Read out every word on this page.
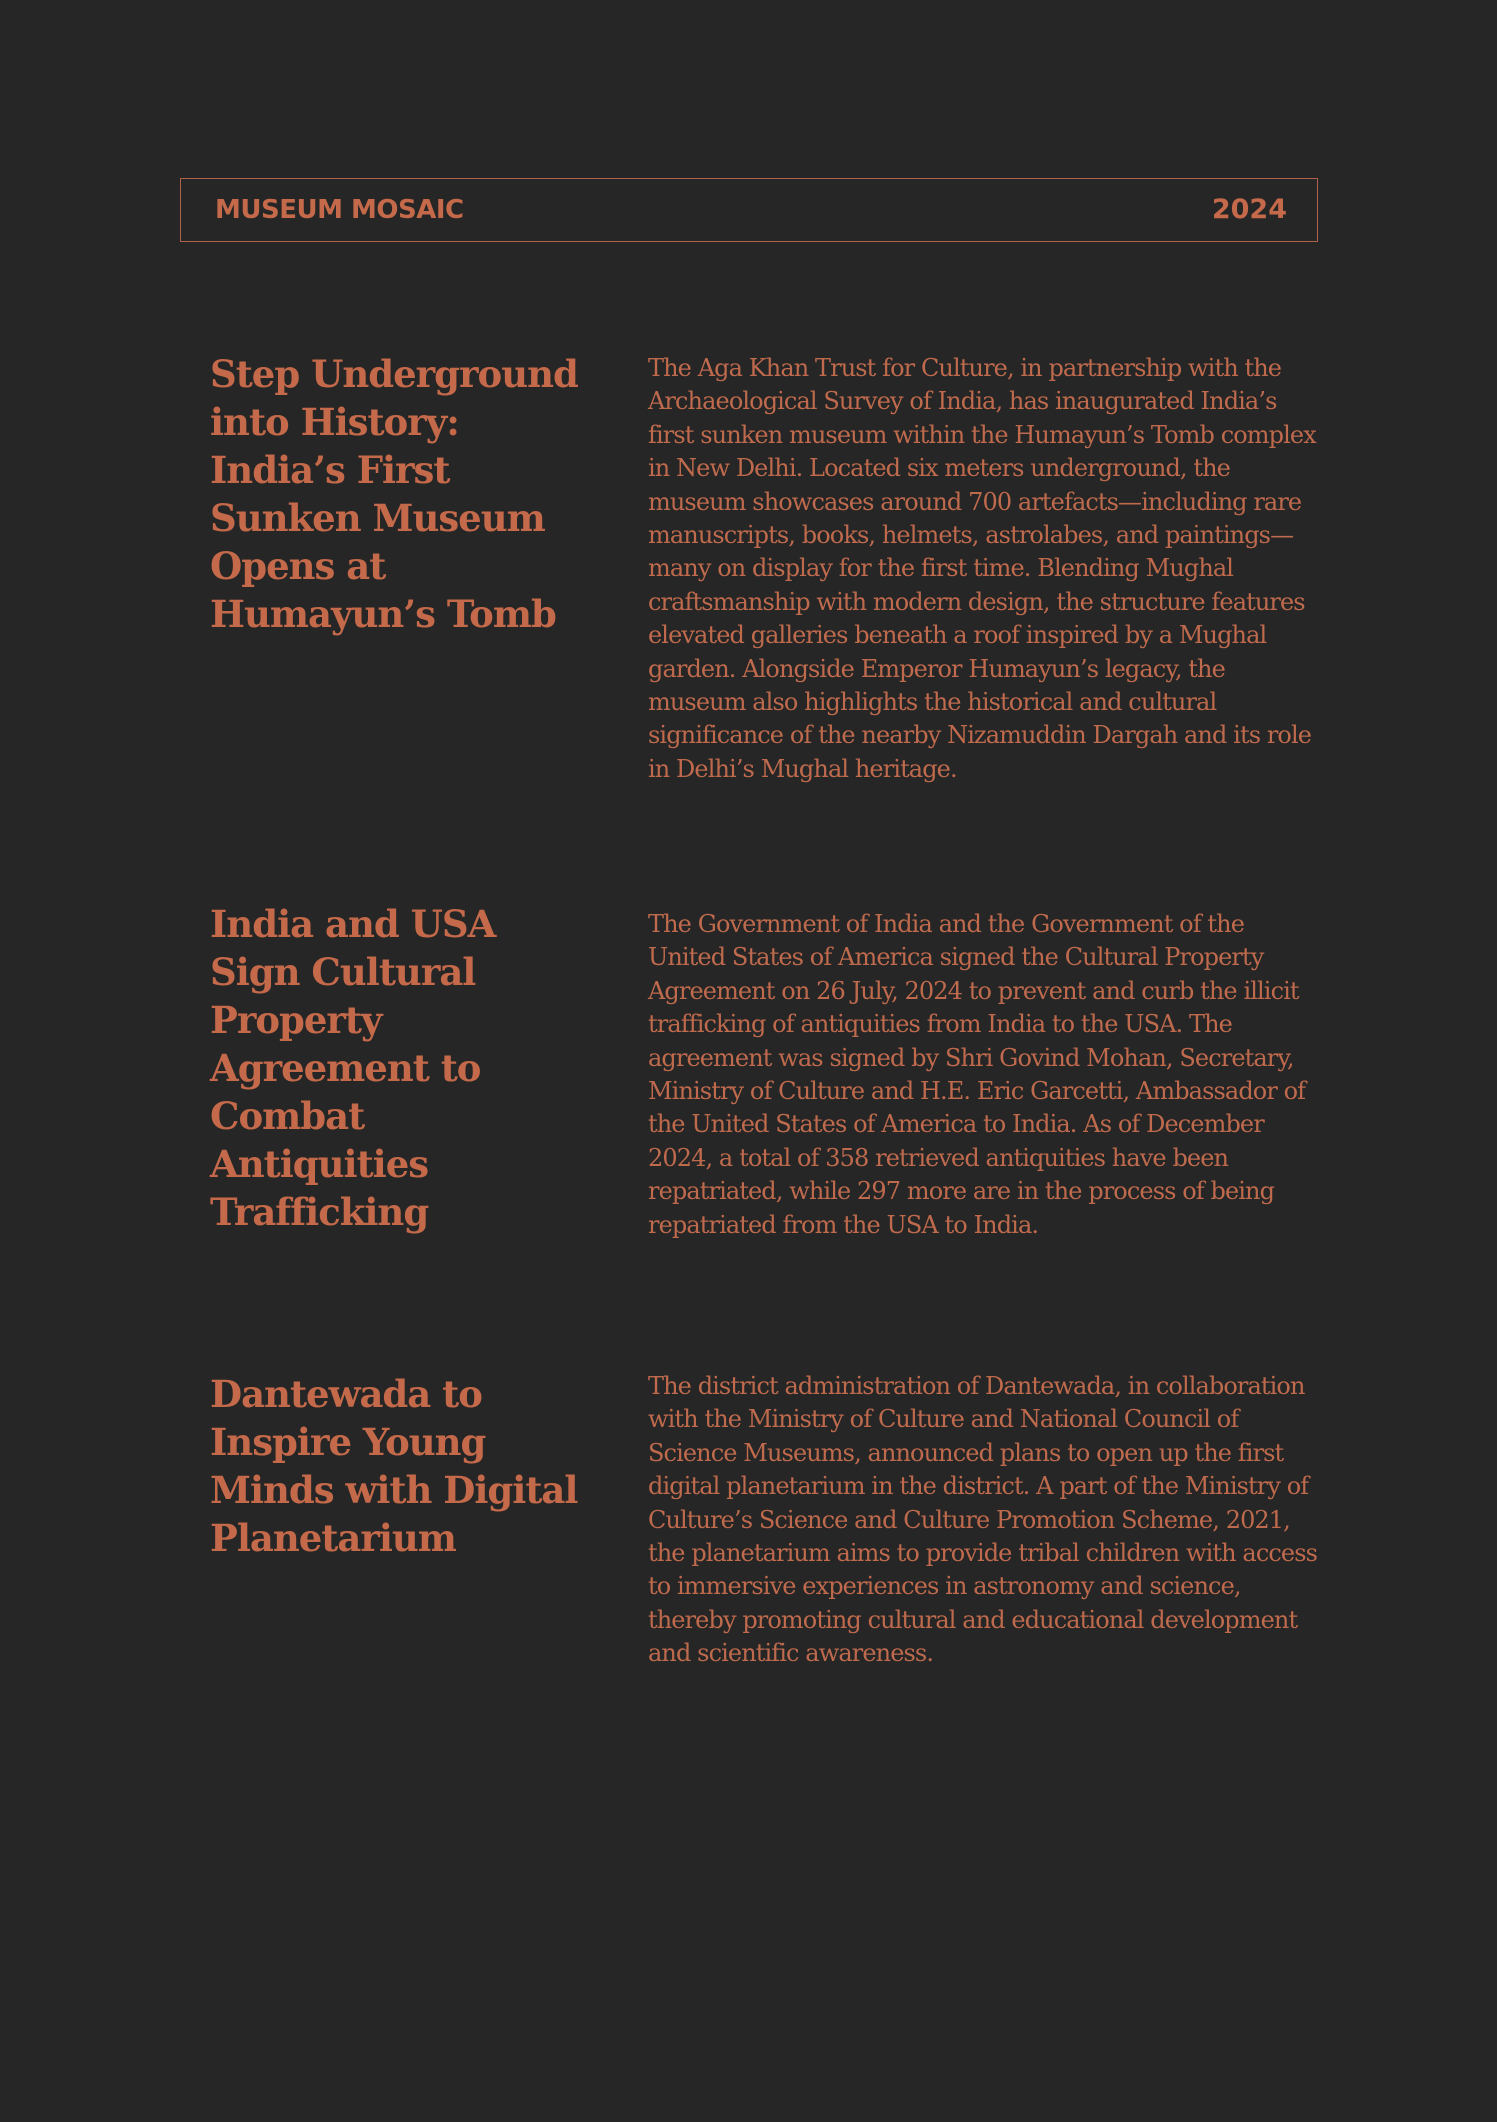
MUSEUM MOSAIC	2024
Step Underground into History: India’s First Sunken Museum Opens at Humayun’s Tomb

The Aga Khan Trust for Culture, in partnership with the Archaeological Survey of India, has inaugurated India’s first sunken museum within the Humayun’s Tomb complex in New Delhi. Located six meters underground, the museum showcases around 700 artefacts—including rare manuscripts, books, helmets, astrolabes, and paintings—many on display for the first time. Blending Mughal craftsmanship with modern design, the structure features elevated galleries beneath a roof inspired by a Mughal garden. Alongside Emperor Humayun’s legacy, the museum also highlights the historical and cultural significance of the nearby Nizamuddin Dargah and its role in Delhi’s Mughal heritage.

India and USA Sign Cultural Property Agreement to Combat Antiquities Trafficking

The Government of India and the Government of the United States of America signed the Cultural Property Agreement on 26 July, 2024 to prevent and curb the illicit trafficking of antiquities from India to the USA. The agreement was signed by Shri Govind Mohan, Secretary, Ministry of Culture and H.E. Eric Garcetti, Ambassador of the United States of America to India. As of December 2024, a total of 358 retrieved antiquities have been repatriated, while 297 more are in the process of being repatriated from the USA to India.

Dantewada to Inspire Young Minds with Digital Planetarium

The district administration of Dantewada, in collaboration with the Ministry of Culture and National Council of Science Museums, announced plans to open up the first digital planetarium in the district. A part of the Ministry of Culture’s Science and Culture Promotion Scheme, 2021, the planetarium aims to provide tribal children with access to immersive experiences in astronomy and science, thereby promoting cultural and educational development and scientific awareness.
